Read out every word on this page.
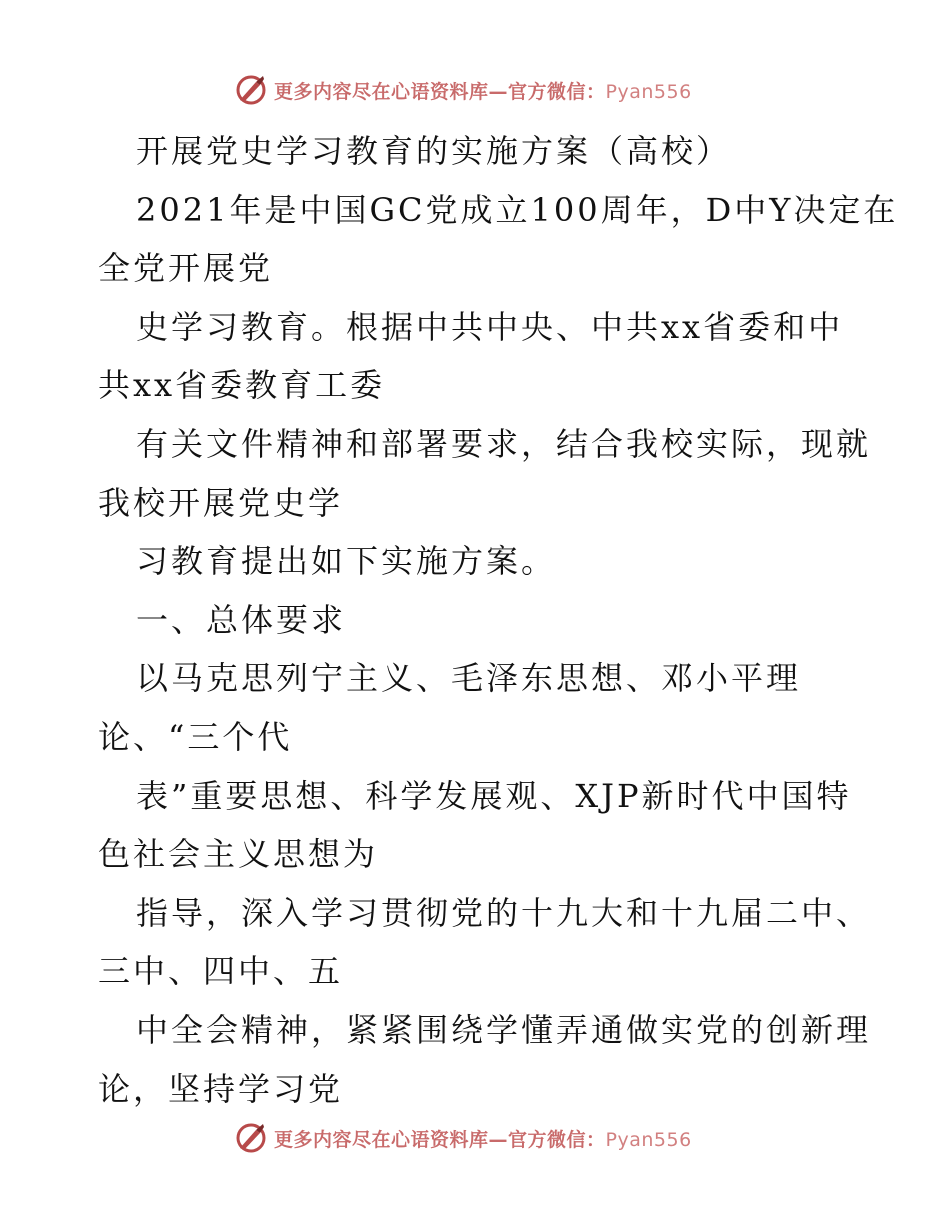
更多内容尽在心语资料库—官方微信：Pyan556
开展党史学习教育的实施方案（高校）
2021年是中国GC党成立100周年，D中Y决定在
全党开展党
史学习教育。根据中共中央、中共xx省委和中
共xx省委教育工委
有关文件精神和部署要求，结合我校实际，现就
我校开展党史学
习教育提出如下实施方案。
一、总体要求
以马克思列宁主义、毛泽东思想、邓小平理
论、“三个代
表”重要思想、科学发展观、XJP新时代中国特
色社会主义思想为
指导，深入学习贯彻党的十九大和十九届二中、
三中、四中、五
中全会精神，紧紧围绕学懂弄通做实党的创新理
论，坚持学习党
更多内容尽在心语资料库—官方微信：Pyan556
